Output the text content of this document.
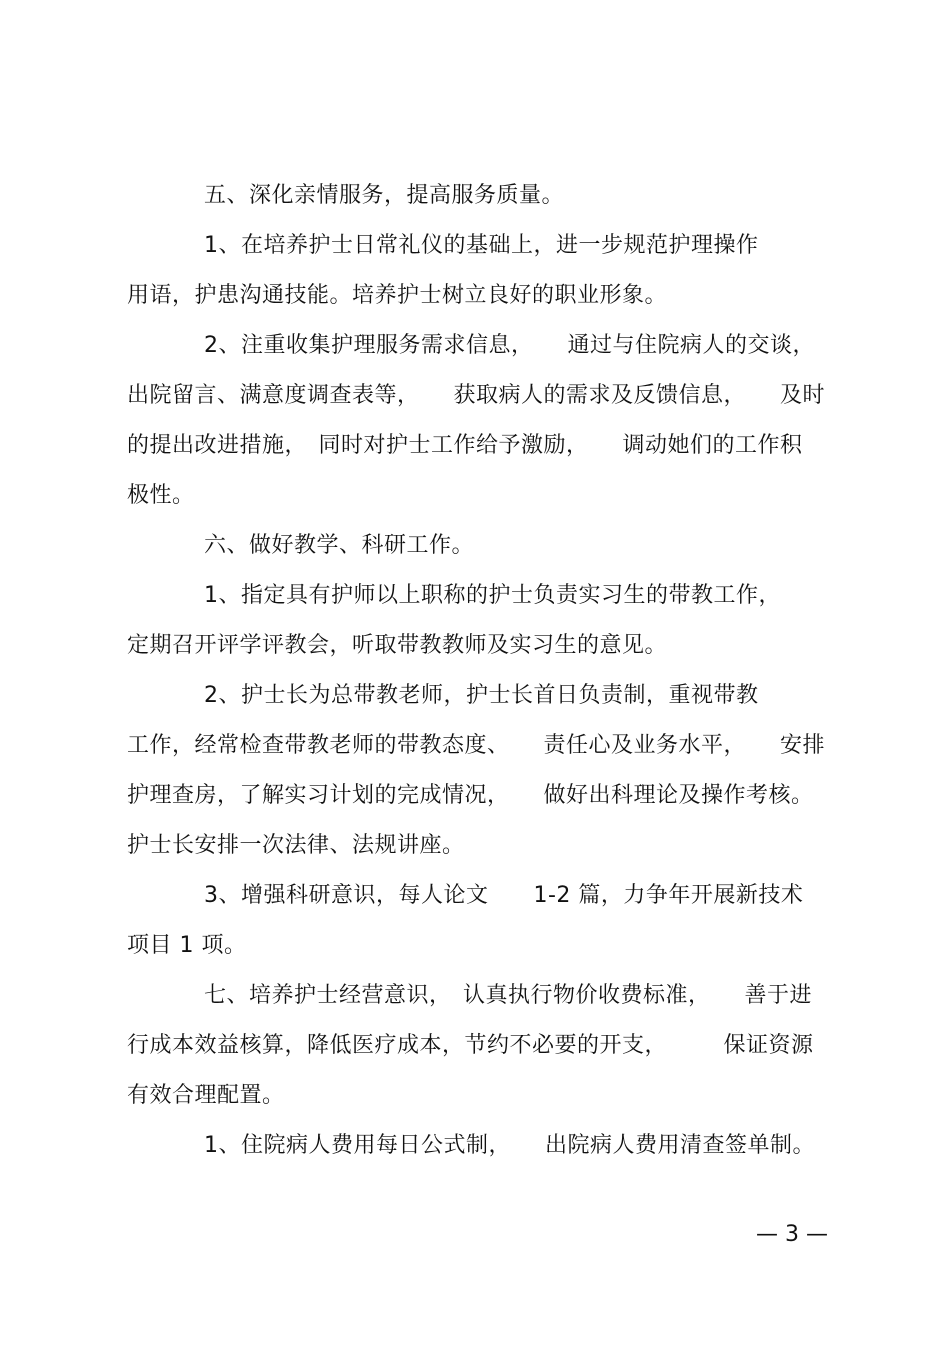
五、深化亲情服务，提高服务质量。

1、在培养护士日常礼仪的基础上，进一步规范护理操作

用语，护患沟通技能。培养护士树立良好的职业形象。

2、注重收集护理服务需求信息，　　通过与住院病人的交谈，

出院留言、满意度调查表等，　　获取病人的需求及反馈信息，　　及时

的提出改进措施，　同时对护士工作给予激励，　　调动她们的工作积

极性。

六、做好教学、科研工作。

1、指定具有护师以上职称的护士负责实习生的带教工作，

定期召开评学评教会，听取带教教师及实习生的意见。

2、护士长为总带教老师，护士长首日负责制，重视带教

工作，经常检查带教老师的带教态度、　　责任心及业务水平，　　安排

护理查房，了解实习计划的完成情况，　　做好出科理论及操作考核。

护士长安排一次法律、法规讲座。

3、增强科研意识，每人论文　　1-2 篇，力争年开展新技术

项目 1 项。

七、培养护士经营意识，　认真执行物价收费标准，　　善于进

行成本效益核算，降低医疗成本，节约不必要的开支，　　　保证资源

有效合理配置。

1、住院病人费用每日公式制，　　出院病人费用清查签单制。

— 3 —
